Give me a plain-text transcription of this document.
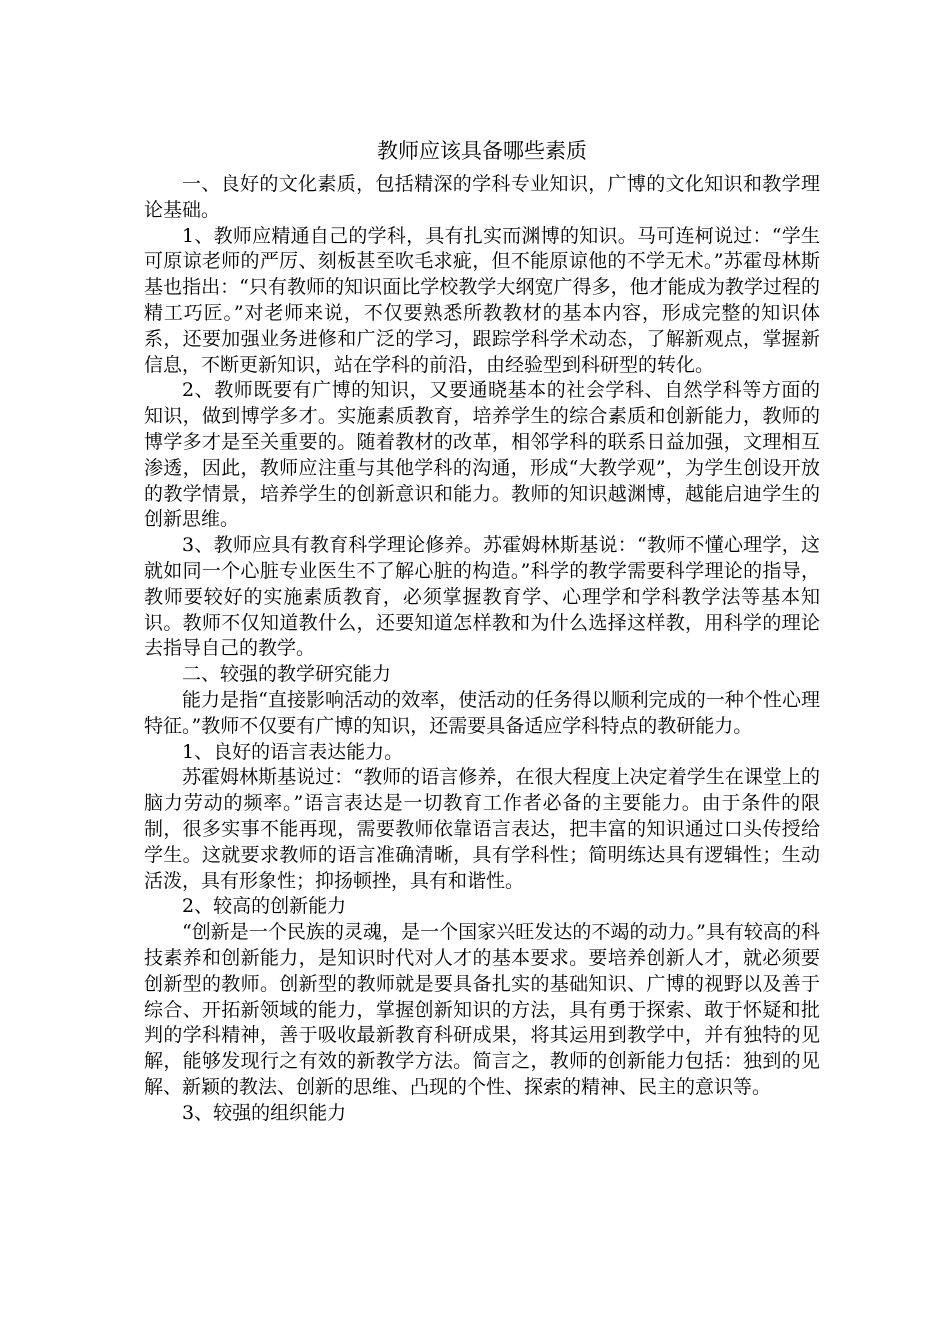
教师应该具备哪些素质

一、良好的文化素质，包括精深的学科专业知识，广博的文化知识和教学理论基础。

1、教师应精通自己的学科，具有扎实而渊博的知识。马可连柯说过：“学生可原谅老师的严厉、刻板甚至吹毛求疵，但不能原谅他的不学无术。”苏霍母林斯基也指出：“只有教师的知识面比学校教学大纲宽广得多，他才能成为教学过程的精工巧匠。”对老师来说，不仅要熟悉所教教材的基本内容，形成完整的知识体系，还要加强业务进修和广泛的学习，跟踪学科学术动态，了解新观点，掌握新信息，不断更新知识，站在学科的前沿，由经验型到科研型的转化。

2、教师既要有广博的知识，又要通晓基本的社会学科、自然学科等方面的知识，做到博学多才。实施素质教育，培养学生的综合素质和创新能力，教师的博学多才是至关重要的。随着教材的改革，相邻学科的联系日益加强，文理相互渗透，因此，教师应注重与其他学科的沟通，形成“大教学观”，为学生创设开放的教学情景，培养学生的创新意识和能力。教师的知识越渊博，越能启迪学生的创新思维。

3、教师应具有教育科学理论修养。苏霍姆林斯基说：“教师不懂心理学，这就如同一个心脏专业医生不了解心脏的构造。”科学的教学需要科学理论的指导，教师要较好的实施素质教育，必须掌握教育学、心理学和学科教学法等基本知识。教师不仅知道教什么，还要知道怎样教和为什么选择这样教，用科学的理论去指导自己的教学。

二、较强的教学研究能力

能力是指“直接影响活动的效率，使活动的任务得以顺利完成的一种个性心理特征。”教师不仅要有广博的知识，还需要具备适应学科特点的教研能力。

1、良好的语言表达能力。

苏霍姆林斯基说过：“教师的语言修养，在很大程度上决定着学生在课堂上的脑力劳动的频率。”语言表达是一切教育工作者必备的主要能力。由于条件的限制，很多实事不能再现，需要教师依靠语言表达，把丰富的知识通过口头传授给学生。这就要求教师的语言准确清晰，具有学科性；简明练达具有逻辑性；生动活泼，具有形象性；抑扬顿挫，具有和谐性。

2、较高的创新能力

“创新是一个民族的灵魂，是一个国家兴旺发达的不竭的动力。”具有较高的科技素养和创新能力，是知识时代对人才的基本要求。要培养创新人才，就必须要创新型的教师。创新型的教师就是要具备扎实的基础知识、广博的视野以及善于综合、开拓新领域的能力，掌握创新知识的方法，具有勇于探索、敢于怀疑和批判的学科精神，善于吸收最新教育科研成果，将其运用到教学中，并有独特的见解，能够发现行之有效的新教学方法。简言之，教师的创新能力包括：独到的见解、新颖的教法、创新的思维、凸现的个性、探索的精神、民主的意识等。

3、较强的组织能力
